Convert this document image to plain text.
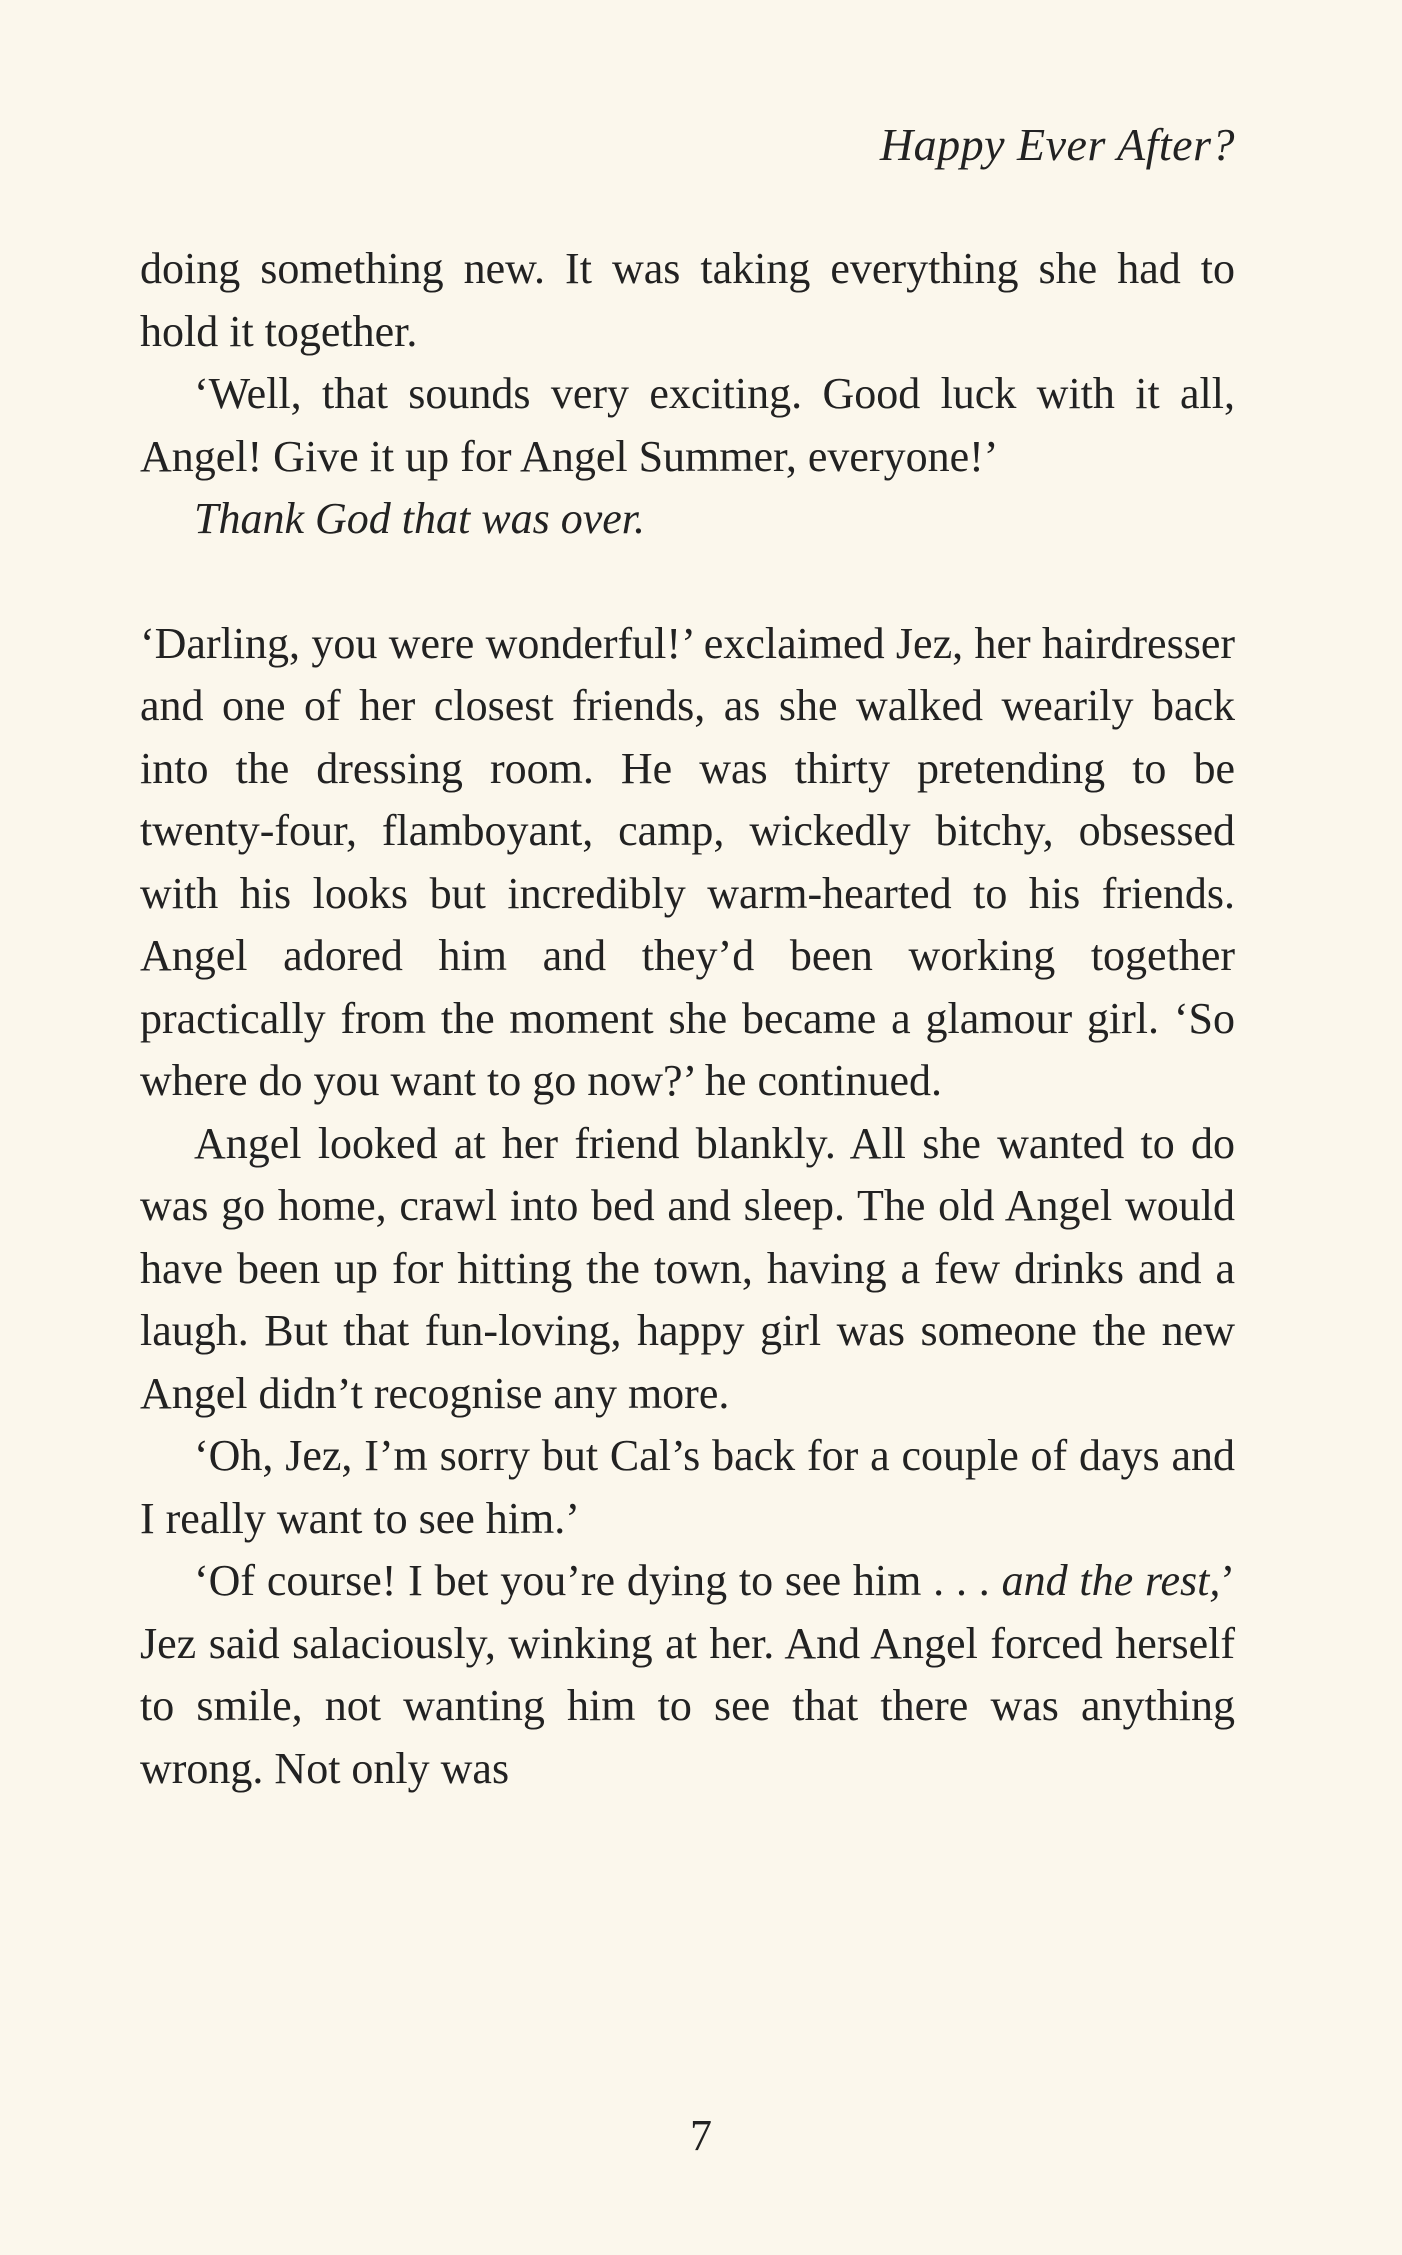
Happy Ever After?

doing something new. It was taking everything she had to hold it together.

‘Well, that sounds very exciting. Good luck with it all, Angel! Give it up for Angel Summer, everyone!’

Thank God that was over.

‘Darling, you were wonderful!’ exclaimed Jez, her hairdresser and one of her closest friends, as she walked wearily back into the dressing room. He was thirty pretending to be twenty-four, flamboyant, camp, wickedly bitchy, obsessed with his looks but incredibly warm-hearted to his friends. Angel adored him and they’d been working together practically from the moment she became a glamour girl. ‘So where do you want to go now?’ he continued.

Angel looked at her friend blankly. All she wanted to do was go home, crawl into bed and sleep. The old Angel would have been up for hitting the town, having a few drinks and a laugh. But that fun-loving, happy girl was someone the new Angel didn’t recognise any more.

‘Oh, Jez, I’m sorry but Cal’s back for a couple of days and I really want to see him.’

‘Of course! I bet you’re dying to see him . . . and the rest,’ Jez said salaciously, winking at her. And Angel forced herself to smile, not wanting him to see that there was anything wrong. Not only was

7
